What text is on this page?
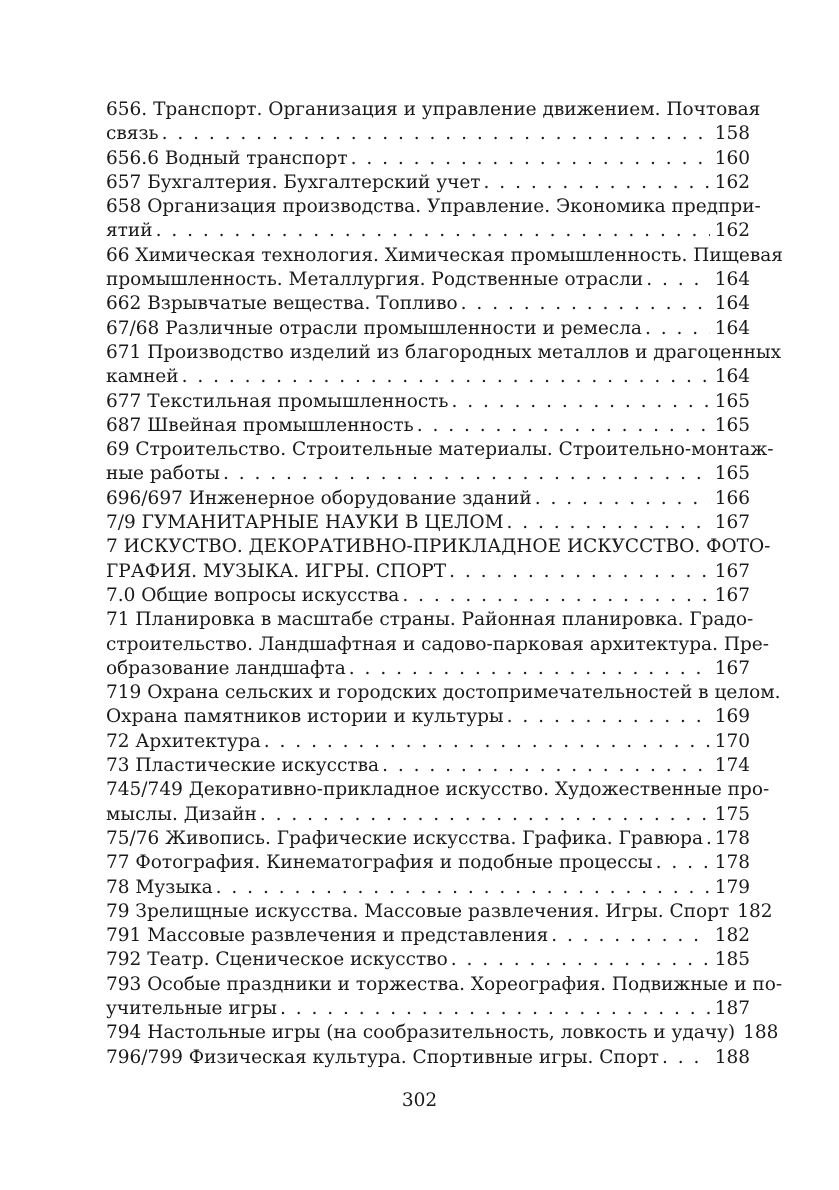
656. Транспорт. Организация и управление движением. Почтовая
связь . . .	158
656.6 Водный транспорт . . .	160
657 Бухгалтерия. Бухгалтерский учет . . .	162
658 Организация производства. Управление. Экономика предпри-
ятий . . .	162
66 Химическая технология. Химическая промышленность. Пищевая
промышленность. Металлургия. Родственные отрасли . . .	164
662 Взрывчатые вещества. Топливо . . .	164
67/68 Различные отрасли промышленности и ремесла . . .	164
671 Производство изделий из благородных металлов и драгоценных
камней . . .	164
677 Текстильная промышленность . . .	165
687 Швейная промышленность . . .	165
69 Строительство. Строительные материалы. Строительно-монтаж-
ные работы . . .	165
696/697 Инженерное оборудование зданий . . .	166
7/9 ГУМАНИТАРНЫЕ НАУКИ В ЦЕЛОМ . . .	167
7 ИСКУСТВО. ДЕКОРАТИВНО-ПРИКЛАДНОЕ ИСКУССТВО. ФОТО-
ГРАФИЯ. МУЗЫКА. ИГРЫ. СПОРТ . . .	167
7.0 Общие вопросы искусства . . .	167
71 Планировка в масштабе страны. Районная планировка. Градо-
строительство. Ландшафтная и садово-парковая архитектура. Пре-
образование ландшафта . . .	167
719 Охрана сельских и городских достопримечательностей в целом.
Охрана памятников истории и культуры . . .	169
72 Архитектура . . .	170
73 Пластические искусства . . .	174
745/749 Декоративно-прикладное искусство. Художественные про-
мыслы. Дизайн . . .	175
75/76 Живопись. Графические искусства. Графика. Гравюра . . . 178
77 Фотография. Кинематография и подобные процессы . . .	178
78 Музыка . . .	179
79 Зрелищные искусства. Массовые развлечения. Игры. Спорт 182
791 Массовые развлечения и представления . . .	182
792 Театр. Сценическое искусство . . .	185
793 Особые праздники и торжества. Хореография. Подвижные и по-
учительные игры . . .	187
794 Настольные игры (на сообразительность, ловкость и удачу) 188
796/799 Физическая культура. Спортивные игры. Спорт . . .	188
302
